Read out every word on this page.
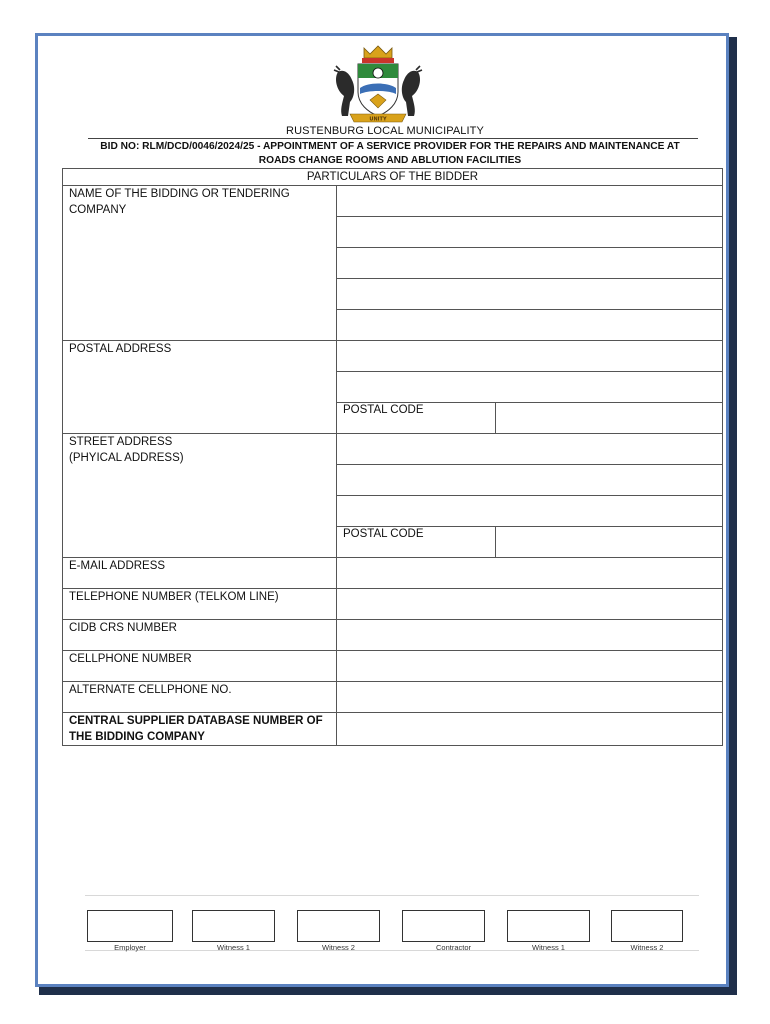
UNITY
RUSTENBURG LOCAL MUNICIPALITY
BID NO: RLM/DCD/0046/2024/25 - APPOINTMENT OF A SERVICE PROVIDER FOR THE REPAIRS AND MAINTENANCE AT
ROADS CHANGE ROOMS AND ABLUTION FACILITIES
PARTICULARS OF THE BIDDER		
NAME OF THE BIDDING OR TENDERING COMPANY		

POSTAL ADDRESS		

	POSTAL CODE	

STREET ADDRESS
(PHYICAL ADDRESS)		

	POSTAL CODE	
E-MAIL ADDRESS		
TELEPHONE NUMBER (TELKOM LINE)		
CIDB CRS NUMBER		
CELLPHONE NUMBER		
ALTERNATE CELLPHONE NO.		
CENTRAL SUPPLIER DATABASE NUMBER OF THE BIDDING COMPANY		
Employer	Witness 1	Witness 2	Contractor	Witness 1	Witness 2
